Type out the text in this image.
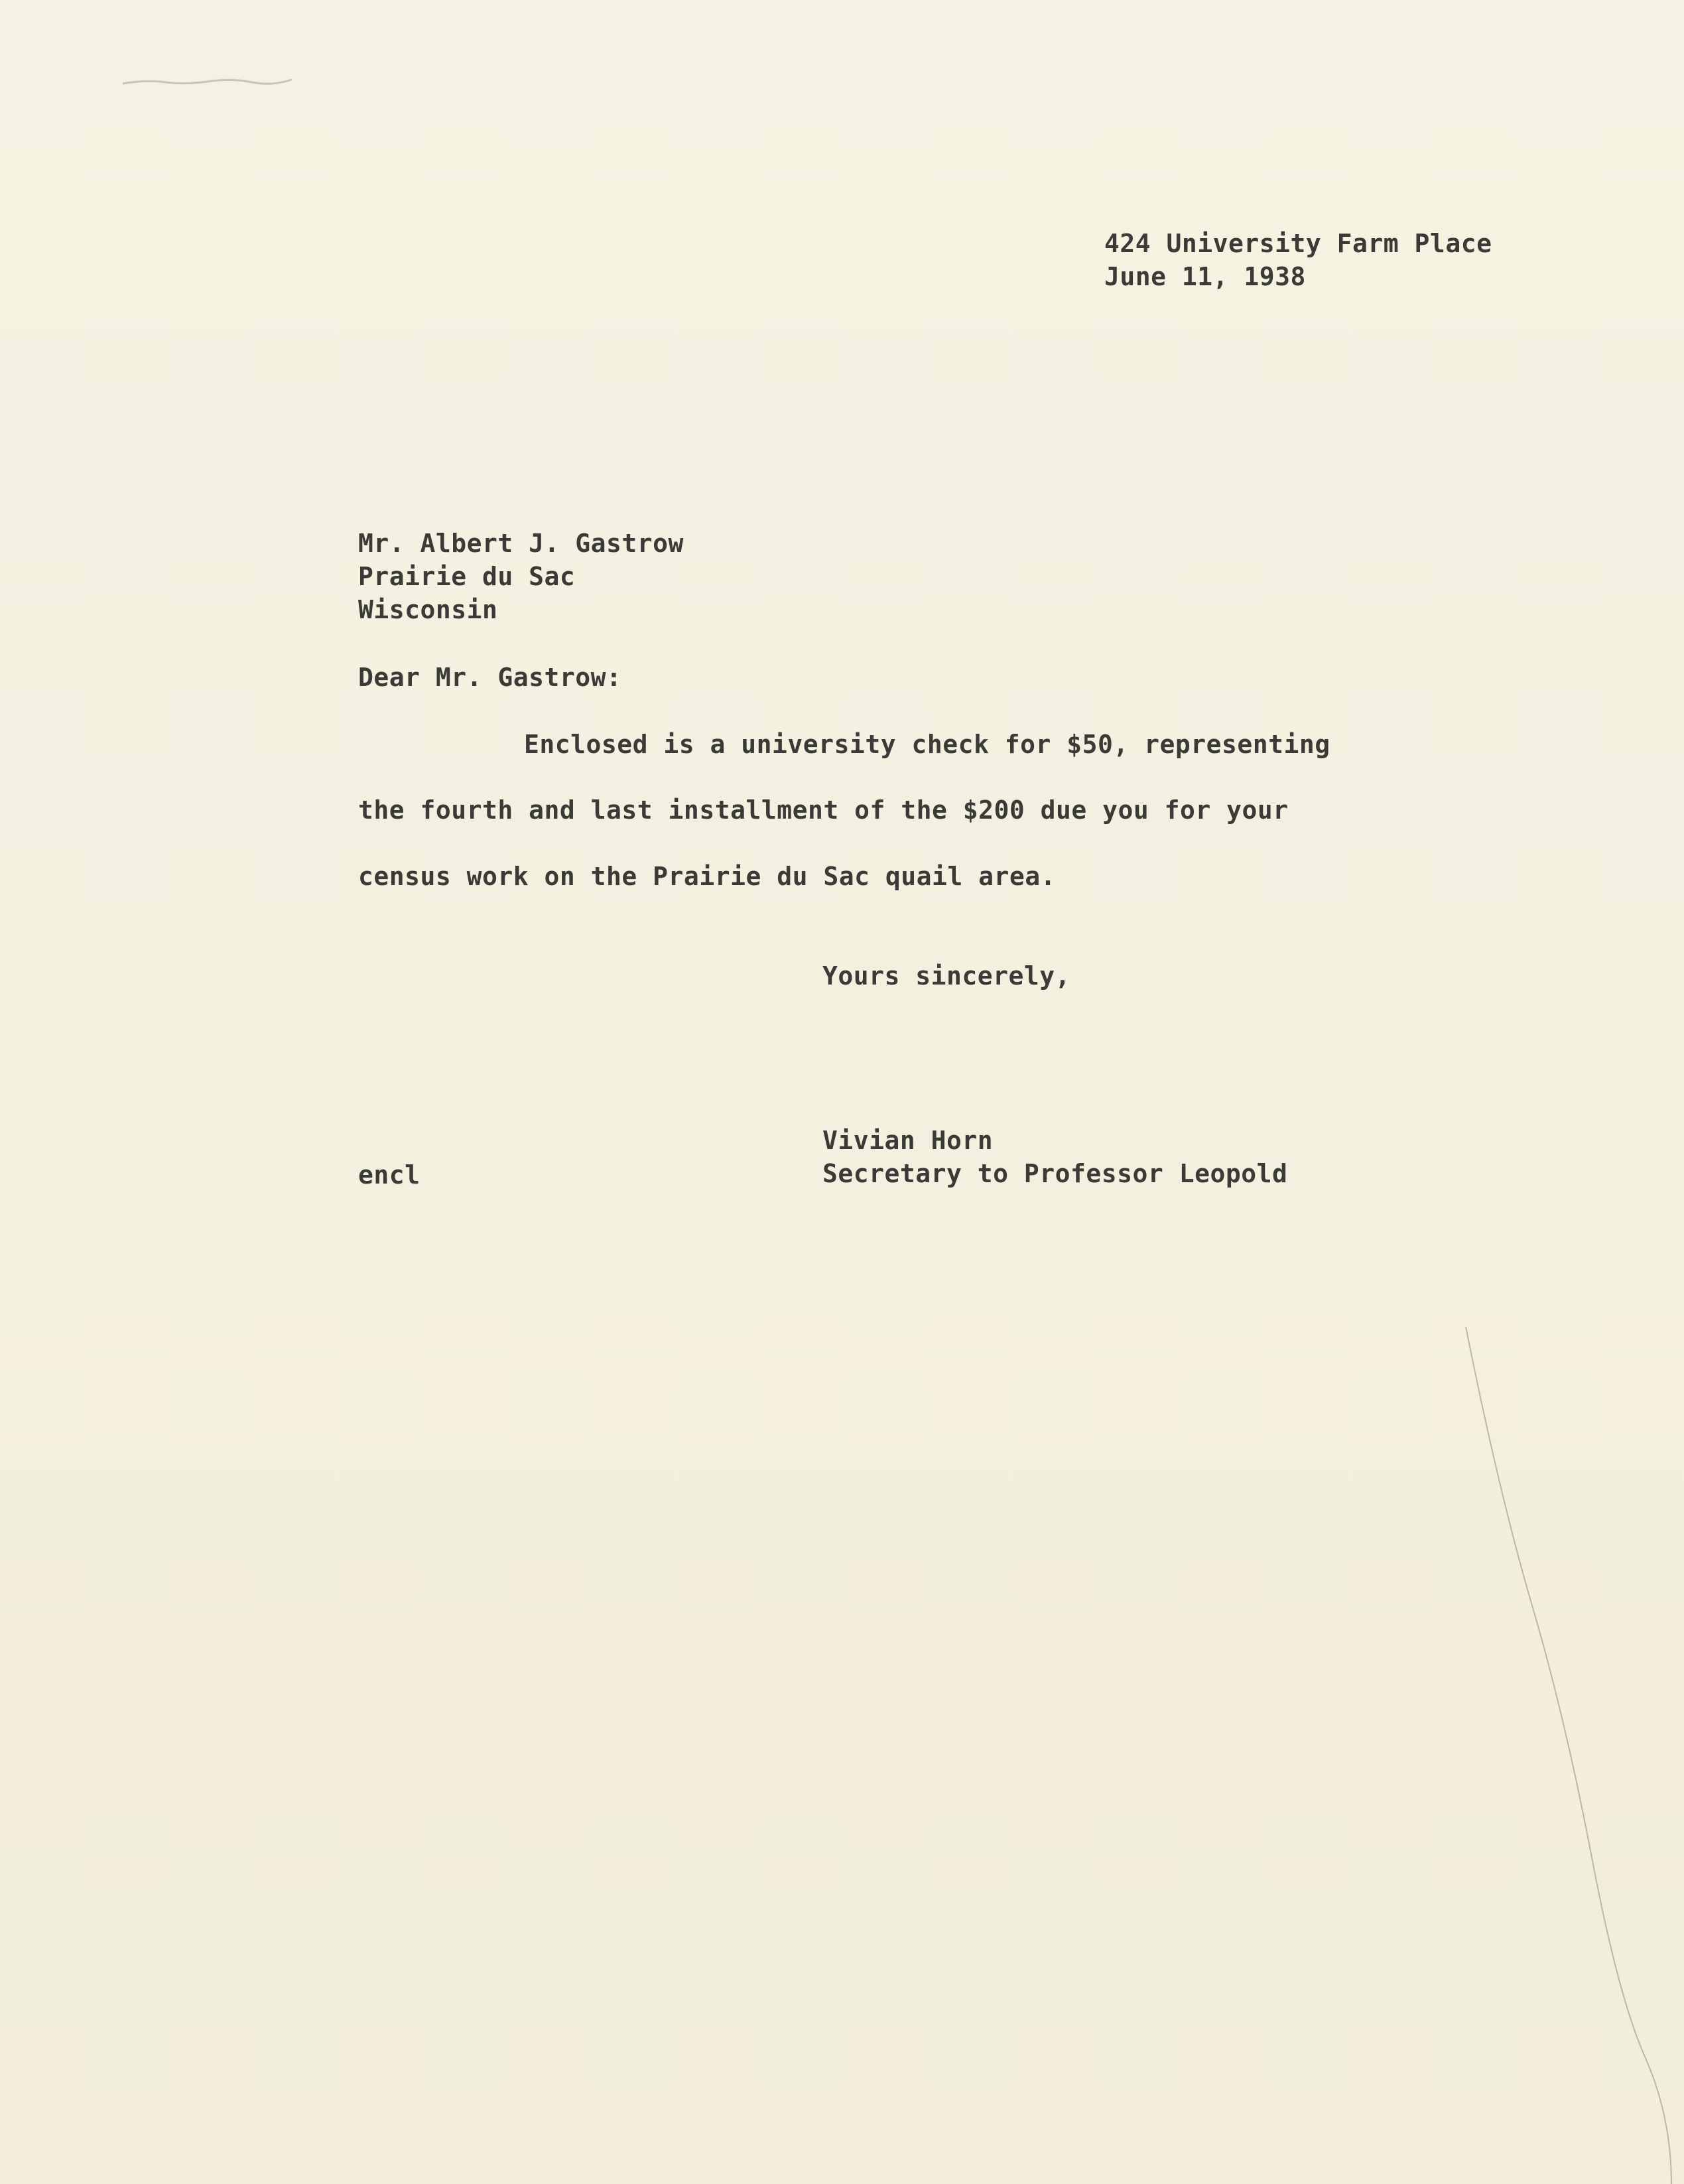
424 University Farm Place
June 11, 1938
Mr. Albert J. Gastrow
Prairie du Sac
Wisconsin
Dear Mr. Gastrow:
Enclosed is a university check for $50, representing
the fourth and last installment of the $200 due you for your
census work on the Prairie du Sac quail area.
Yours sincerely,
Vivian Horn
Secretary to Professor Leopold
encl
